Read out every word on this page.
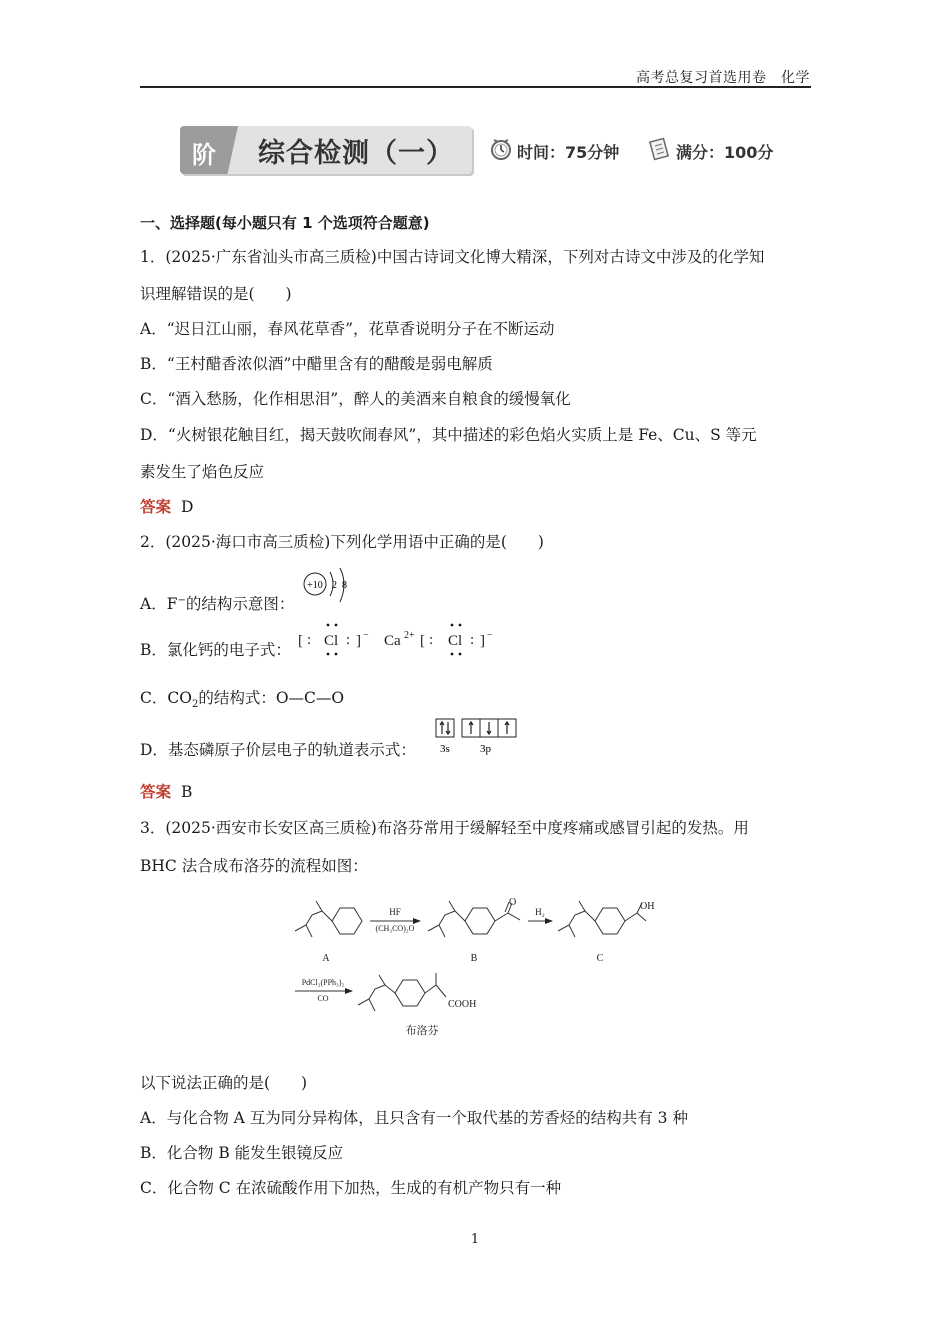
高考总复习首选用卷　化学
阶 综合检测（一）	时间：75分钟	满分：100分
一、选择题(每小题只有 1 个选项符合题意)
1．(2025·广东省汕头市高三质检)中国古诗词文化博大精深，下列对古诗文中涉及的化学知
识理解错误的是(　　)
A．“迟日江山丽，春风花草香”，花草香说明分子在不断运动
B．“王村醋香浓似酒”中醋里含有的醋酸是弱电解质
C．“酒入愁肠，化作相思泪”，醉人的美酒来自粮食的缓慢氧化
D．“火树银花触目红，揭天鼓吹闹春风”，其中描述的彩色焰火实质上是 Fe、Cu、S 等元
素发生了焰色反应
答案 D
2．(2025·海口市高三质检)下列化学用语中正确的是(　　)
A．F−的结构示意图：
+10 2 8
B．氯化钙的电子式： [ : Cl : ] − Ca 2+ [ : Cl : ] −
C．$CO_2$的结构式：O—C—O
D．基态磷原子价层电子的轨道表示式： 3s	3p
答案 B
3．(2025·西安市长安区高三质检)布洛芬常用于缓解轻至中度疼痛或感冒引起的发热。用
BHC 法合成布洛芬的流程如图：
HF
(CH₃CO)₂O
H₂
PdCl₂(PPh₃)₂
CO
O	OH
COOH
A	B	C
布洛芬
以下说法正确的是(　　)
A．与化合物 A 互为同分异构体，且只含有一个取代基的芳香烃的结构共有 3 种
B．化合物 B 能发生银镜反应
C．化合物 C 在浓硫酸作用下加热，生成的有机产物只有一种
1
